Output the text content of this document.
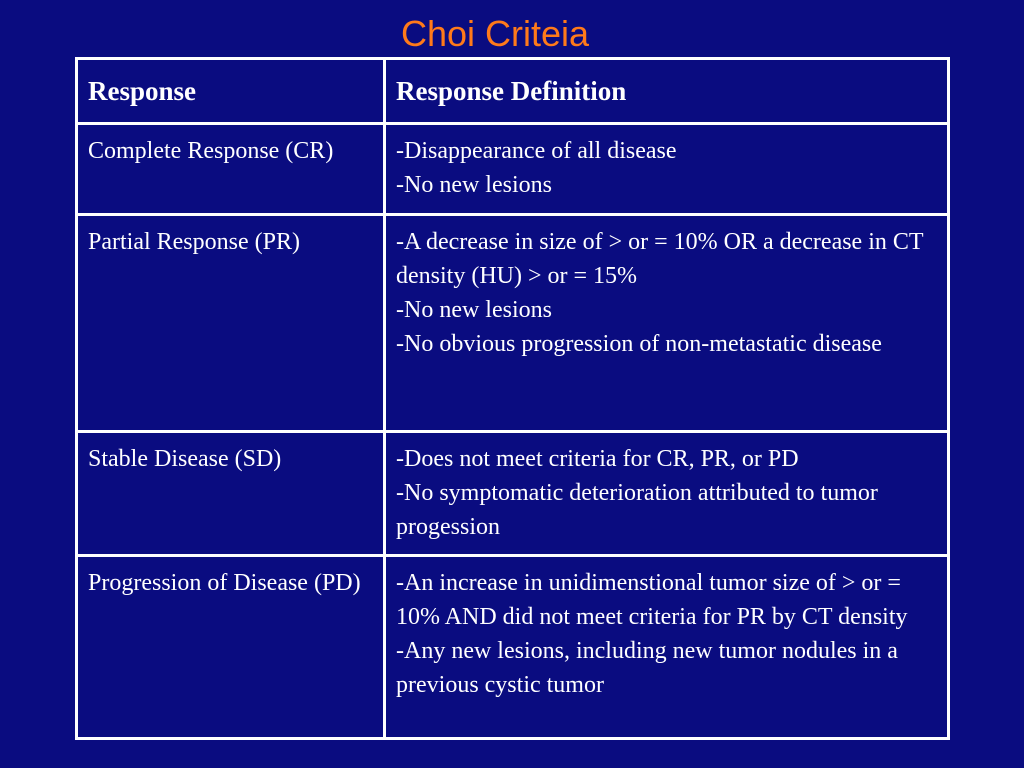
Choi Criteia
Response	Response Definition
Complete Response (CR)	-Disappearance of all disease
-No new lesions

Partial Response (PR)	-A decrease in size of > or = 10% OR a decrease in CT density (HU) > or = 15%
-No new lesions
-No obvious progression of non-metastatic disease

Stable Disease (SD)	-Does not meet criteria for CR, PR, or PD
-No symptomatic deterioration attributed to tumor progession

Progression of Disease (PD)	-An increase in unidimenstional tumor size of > or = 10% AND did not meet criteria for PR by CT density
-Any new lesions, including new tumor nodules in a previous cystic tumor
